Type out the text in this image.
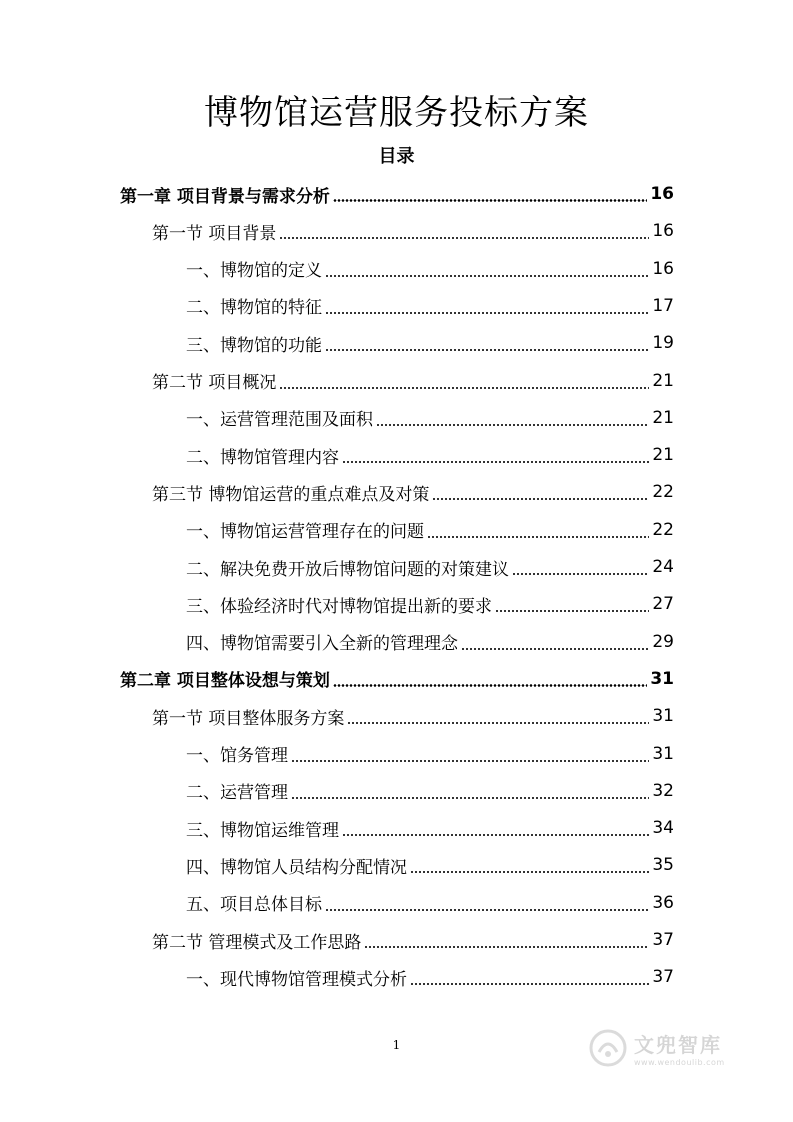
博物馆运营服务投标方案
目录
第一章 项目背景与需求分析	16
第一节 项目背景	16
一、博物馆的定义	16
二、博物馆的特征	17
三、博物馆的功能	19
第二节 项目概况	21
一、运营管理范围及面积	21
二、博物馆管理内容	21
第三节 博物馆运营的重点难点及对策	22
一、博物馆运营管理存在的问题	22
二、解决免费开放后博物馆问题的对策建议	24
三、体验经济时代对博物馆提出新的要求	27
四、博物馆需要引入全新的管理理念	29
第二章 项目整体设想与策划	31
第一节 项目整体服务方案	31
一、馆务管理	31
二、运营管理	32
三、博物馆运维管理	34
四、博物馆人员结构分配情况	35
五、项目总体目标	36
第二节 管理模式及工作思路	37
一、现代博物馆管理模式分析	37
1	文兜智库
www.wendoulib.com
